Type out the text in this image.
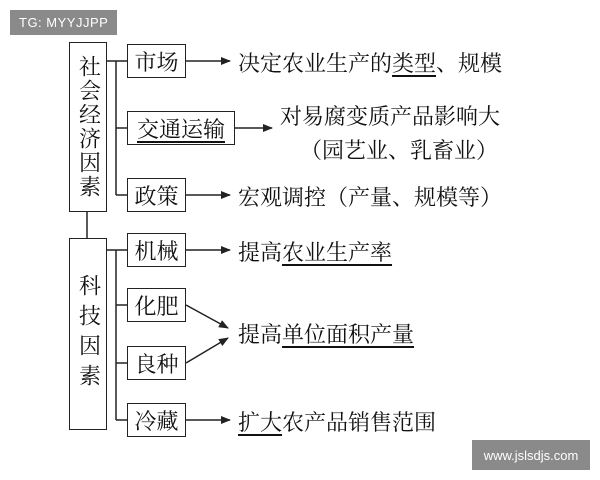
TG: MYYJJPP
社会经济因素
科技因素
市场
交通运输
政策
机械
化肥
良种
冷藏
决定农业生产的类型、规模
对易腐变质产品影响大
（园艺业、乳畜业）
宏观调控（产量、规模等）
提高农业生产率
提高单位面积产量
扩大农产品销售范围
www.jslsdjs.com
